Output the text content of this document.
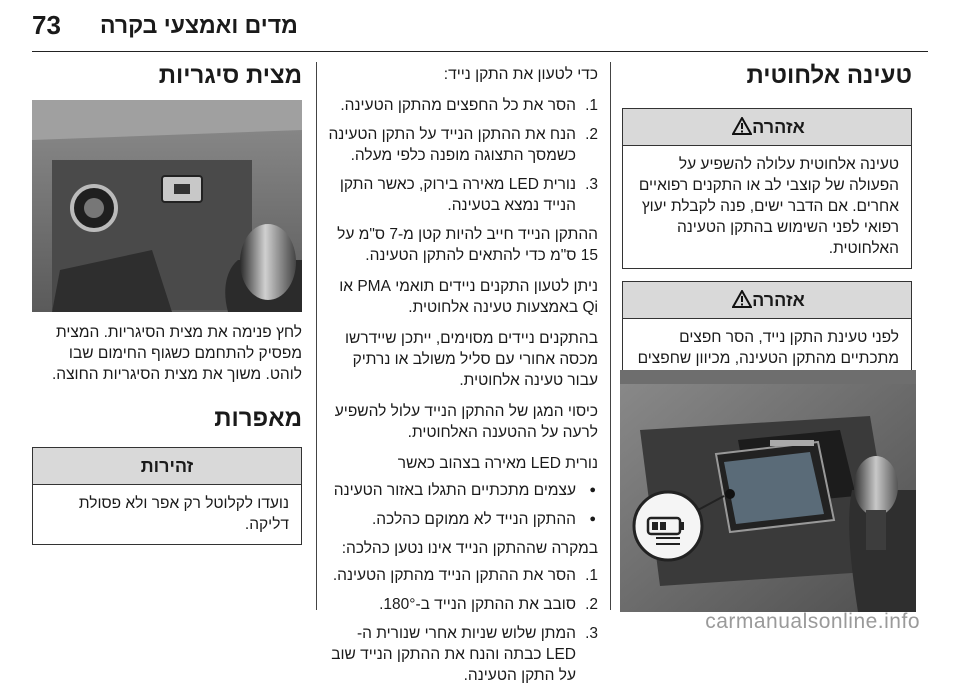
73 מדים ואמצעי בקרה
טעינה אלחוטית
אזהרה
טעינה אלחוטית עלולה להשפיע על הפעולה של קוצבי לב או התקנים רפואיים אחרים. אם הדבר ישים, פנה לקבלת יעוץ רפואי לפני השימוש בהתקן הטעינה האלחוטית.
אזהרה
לפני טעינת התקן נייד, הסר חפצים מתכתיים מהתקן הטעינה, מכיוון שחפצים

כדי לטעון את התקן נייד:

1.
הסר את כל החפצים מהתקן הטעינה.
2.
הנח את ההתקן הנייד על התקן הטעינה כשמסך התצוגה מופנה כלפי מעלה.
3.
נורית LED מאירה בירוק, כאשר התקן הנייד נמצא בטעינה.

ההתקן הנייד חייב להיות קטן מ-7 ס"מ על 15 ס"מ כדי להתאים להתקן הטעינה.

ניתן לטעון התקנים ניידים תואמי PMA או Qi באמצעות טעינה אלחוטית.

בהתקנים ניידים מסוימים, ייתכן שיידרשו מכסה אחורי עם סליל משולב או נרתיק עבור טעינה אלחוטית.

כיסוי המגן של ההתקן הנייד עלול להשפיע לרעה על ההטענה האלחוטית.

נורית LED מאירה בצהוב כאשר

● עצמים מתכתיים התגלו באזור הטעינה
● ההתקן הנייד לא ממוקם כהלכה.

במקרה שההתקן הנייד אינו נטען כהלכה:

1.
הסר את ההתקן הנייד מהתקן הטעינה.
2.
סובב את ההתקן הנייד ב-180°.
3.
המתן שלוש שניות אחרי שנורית ה-LED כבתה והנח את ההתקן הנייד שוב על התקן הטעינה.
מצית סיגריות

לחץ פנימה את מצית הסיגריות. המצית מפסיק להתחמם כשגוף החימום שבו לוהט. משוך את מצית הסיגריות החוצה.

מאפרות
זהירות
נועדו לקלוטל רק אפר ולא פסולת דליקה.
carmanualsonline.info
